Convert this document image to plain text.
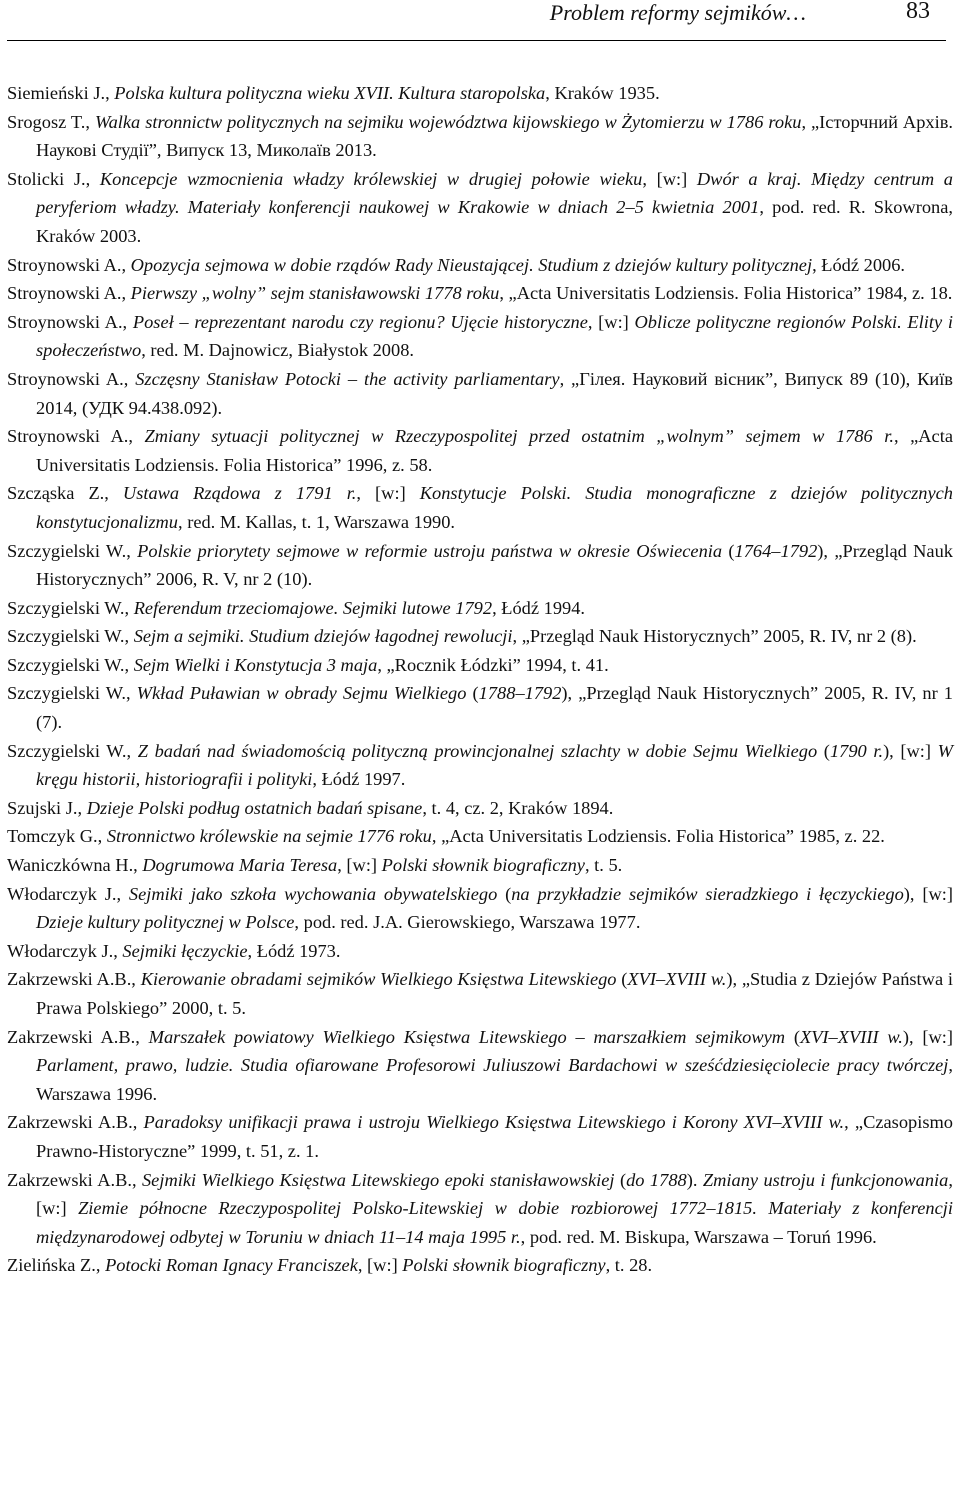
Problem reformy sejmików…	83

Siemieński J., Polska kultura polityczna wieku XVII. Kultura staropolska, Kraków 1935.

Srogosz T., Walka stronnictw politycznych na sejmiku województwa kijowskiego w Żytomierzu w 1786 roku, „Історчний Архів. Наукові Студії”, Випуск 13, Миколаїв 2013.

Stolicki J., Koncepcje wzmocnienia władzy królewskiej w drugiej połowie wieku, [w:] Dwór a kraj. Między centrum a peryferiom władzy. Materiały konferencji naukowej w Krakowie w dniach 2–5 kwietnia 2001, pod. red. R. Skowrona, Kraków 2003.

Stroynowski A., Opozycja sejmowa w dobie rządów Rady Nieustającej. Studium z dziejów kultury politycznej, Łódź 2006.

Stroynowski A., Pierwszy „wolny” sejm stanisławowski 1778 roku, „Acta Universitatis Lodziensis. Folia Historica” 1984, z. 18.

Stroynowski A., Poseł – reprezentant narodu czy regionu? Ujęcie historyczne, [w:] Oblicze polityczne regionów Polski. Elity i społeczeństwo, red. M. Dajnowicz, Białystok 2008.

Stroynowski A., Szczęsny Stanisław Potocki – the activity parliamentary, „Гілея. Науковий вісник”, Випуск 89 (10), Київ 2014, (УДК 94.438.092).

Stroynowski A., Zmiany sytuacji politycznej w Rzeczypospolitej przed ostatnim „wolnym” sejmem w 1786 r., „Acta Universitatis Lodziensis. Folia Historica” 1996, z. 58.

Szcząska Z., Ustawa Rządowa z 1791 r., [w:] Konstytucje Polski. Studia monograficzne z dziejów politycznych konstytucjonalizmu, red. M. Kallas, t. 1, Warszawa 1990.

Szczygielski W., Polskie priorytety sejmowe w reformie ustroju państwa w okresie Oświecenia (1764–1792), „Przegląd Nauk Historycznych” 2006, R. V, nr 2 (10).

Szczygielski W., Referendum trzeciomajowe. Sejmiki lutowe 1792, Łódź 1994.

Szczygielski W., Sejm a sejmiki. Studium dziejów łagodnej rewolucji, „Przegląd Nauk Historycznych” 2005, R. IV, nr 2 (8).

Szczygielski W., Sejm Wielki i Konstytucja 3 maja, „Rocznik Łódzki” 1994, t. 41.

Szczygielski W., Wkład Puławian w obrady Sejmu Wielkiego (1788–1792), „Przegląd Nauk Historycznych” 2005, R. IV, nr 1 (7).

Szczygielski W., Z badań nad świadomością polityczną prowincjonalnej szlachty w dobie Sejmu Wielkiego (1790 r.), [w:] W kręgu historii, historiografii i polityki, Łódź 1997.

Szujski J., Dzieje Polski podług ostatnich badań spisane, t. 4, cz. 2, Kraków 1894.

Tomczyk G., Stronnictwo królewskie na sejmie 1776 roku, „Acta Universitatis Lodziensis. Folia Historica” 1985, z. 22.

Waniczkówna H., Dogrumowa Maria Teresa, [w:] Polski słownik biograficzny, t. 5.

Włodarczyk J., Sejmiki jako szkoła wychowania obywatelskiego (na przykładzie sejmików sieradzkiego i łęczyckiego), [w:] Dzieje kultury politycznej w Polsce, pod. red. J.A. Gierowskiego, Warszawa 1977.

Włodarczyk J., Sejmiki łęczyckie, Łódź 1973.

Zakrzewski A.B., Kierowanie obradami sejmików Wielkiego Księstwa Litewskiego (XVI–XVIII w.), „Studia z Dziejów Państwa i Prawa Polskiego” 2000, t. 5.

Zakrzewski A.B., Marszałek powiatowy Wielkiego Księstwa Litewskiego – marszałkiem sejmikowym (XVI–XVIII w.), [w:] Parlament, prawo, ludzie. Studia ofiarowane Profesorowi Juliuszowi Bardachowi w sześćdziesięciolecie pracy twórczej, Warszawa 1996.

Zakrzewski A.B., Paradoksy unifikacji prawa i ustroju Wielkiego Księstwa Litewskiego i Korony XVI–XVIII w., „Czasopismo Prawno-Historyczne” 1999, t. 51, z. 1.

Zakrzewski A.B., Sejmiki Wielkiego Księstwa Litewskiego epoki stanisławowskiej (do 1788). Zmiany ustroju i funkcjonowania, [w:] Ziemie północne Rzeczypospolitej Polsko-Litewskiej w dobie rozbiorowej 1772–1815. Materiały z konferencji międzynarodowej odbytej w Toruniu w dniach 11–14 maja 1995 r., pod. red. M. Biskupa, Warszawa – Toruń 1996.

Zielińska Z., Potocki Roman Ignacy Franciszek, [w:] Polski słownik biograficzny, t. 28.
